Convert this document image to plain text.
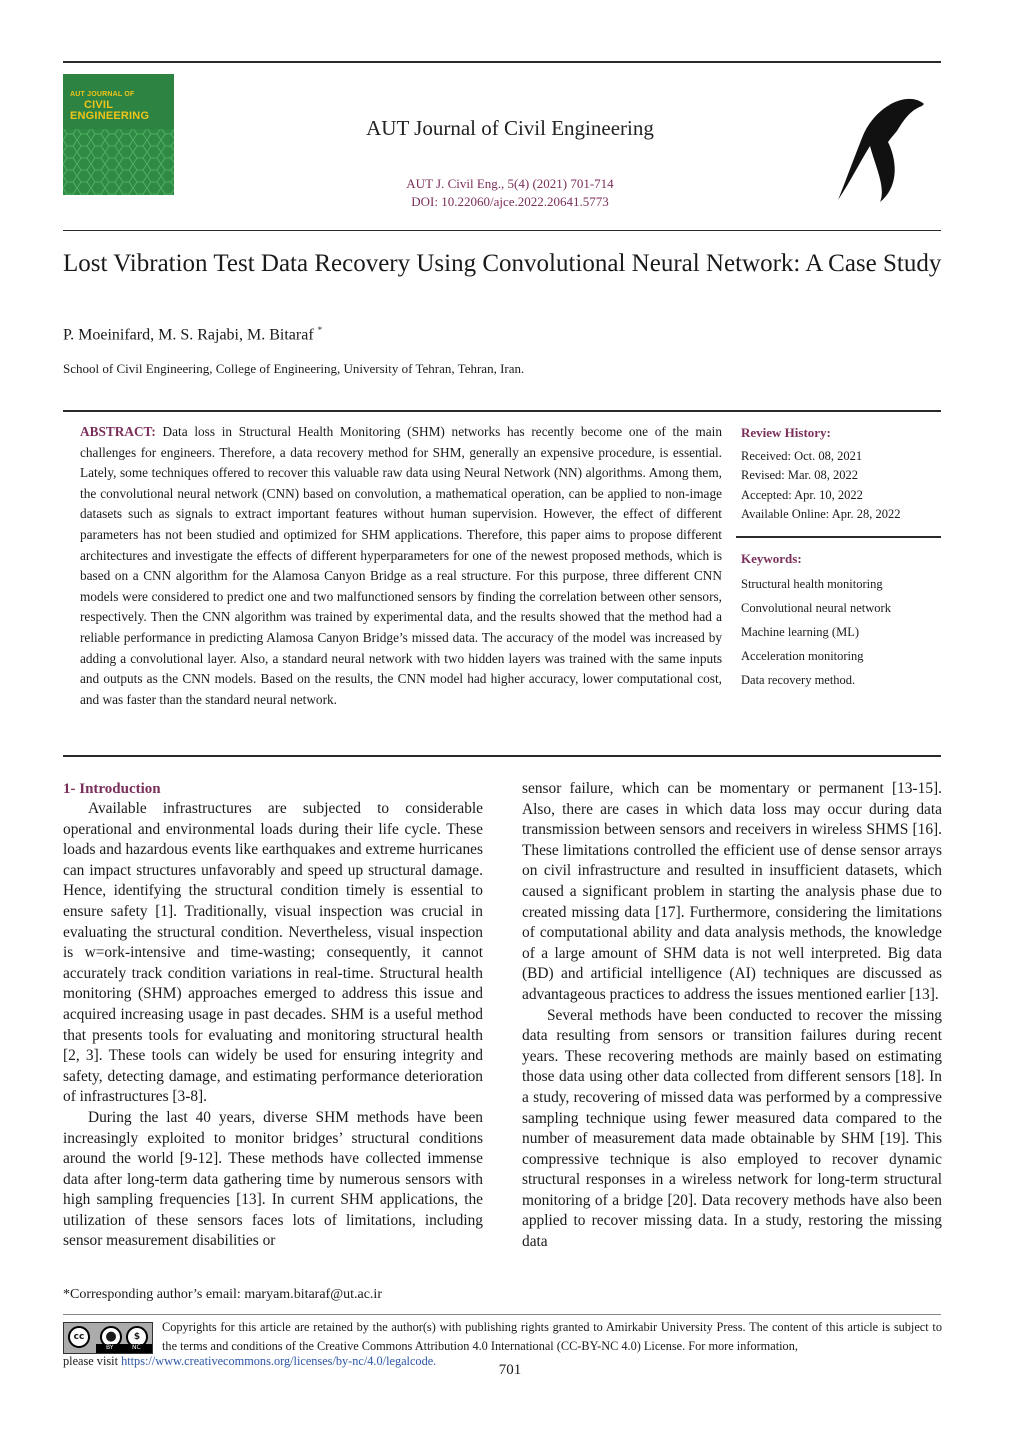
AUT JOURNAL OF
CIVIL
ENGINEERING	AUT Journal of Civil Engineering
AUT J. Civil Eng., 5(4) (2021) 701-714
DOI: 10.22060/ajce.2022.20641.5773
Lost Vibration Test Data Recovery Using Convolutional Neural Network: A Case Study
P. Moeinifard, M. S. Rajabi, M. Bitaraf *
School of Civil Engineering, College of Engineering, University of Tehran, Tehran, Iran.
ABSTRACT: Data loss in Structural Health Monitoring (SHM) networks has recently become one of the main challenges for engineers. Therefore, a data recovery method for SHM, generally an expensive procedure, is essential. Lately, some techniques offered to recover this valuable raw data using Neural Network (NN) algorithms. Among them, the convolutional neural network (CNN) based on convolution, a mathematical operation, can be applied to non-image datasets such as signals to extract important features without human supervision. However, the effect of different parameters has not been studied and optimized for SHM applications. Therefore, this paper aims to propose different architectures and investigate the effects of different hyperparameters for one of the newest proposed methods, which is based on a CNN algorithm for the Alamosa Canyon Bridge as a real structure. For this purpose, three different CNN models were considered to predict one and two malfunctioned sensors by finding the correlation between other sensors, respectively. Then the CNN algorithm was trained by experimental data, and the results showed that the method had a reliable performance in predicting Alamosa Canyon Bridge’s missed data. The accuracy of the model was increased by adding a convolutional layer. Also, a standard neural network with two hidden layers was trained with the same inputs and outputs as the CNN models. Based on the results, the CNN model had higher accuracy, lower computational cost, and was faster than the standard neural network.
Review History:
Received: Oct. 08, 2021
Revised: Mar. 08, 2022
Accepted: Apr. 10, 2022
Available Online: Apr. 28, 2022
Keywords:
Structural health monitoring
Convolutional neural network
Machine learning (ML)
Acceleration monitoring
Data recovery method.
1- Introduction

Available infrastructures are subjected to considerable operational and environmental loads during their life cycle. These loads and hazardous events like earthquakes and extreme hurricanes can impact structures unfavorably and speed up structural damage. Hence, identifying the structural condition timely is essential to ensure safety [1]. Traditionally, visual inspection was crucial in evaluating the structural condition. Nevertheless, visual inspection is w=ork-intensive and time-wasting; consequently, it cannot accurately track condition variations in real-time. Structural health monitoring (SHM) approaches emerged to address this issue and acquired increasing usage in past decades. SHM is a useful method that presents tools for evaluating and monitoring structural health [2, 3]. These tools can widely be used for ensuring integrity and safety, detecting damage, and estimating performance deterioration of infrastructures [3-8].

During the last 40 years, diverse SHM methods have been increasingly exploited to monitor bridges’ structural conditions around the world [9-12]. These methods have collected immense data after long-term data gathering time by numerous sensors with high sampling frequencies [13]. In current SHM applications, the utilization of these sensors faces lots of limitations, including sensor measurement disabilities or

sensor failure, which can be momentary or permanent [13-15]. Also, there are cases in which data loss may occur during data transmission between sensors and receivers in wireless SHMS [16]. These limitations controlled the efficient use of dense sensor arrays on civil infrastructure and resulted in insufficient datasets, which caused a significant problem in starting the analysis phase due to created missing data [17]. Furthermore, considering the limitations of computational ability and data analysis methods, the knowledge of a large amount of SHM data is not well interpreted. Big data (BD) and artificial intelligence (AI) techniques are discussed as advantageous practices to address the issues mentioned earlier [13].

Several methods have been conducted to recover the missing data resulting from sensors or transition failures during recent years. These recovering methods are mainly based on estimating those data using other data collected from different sensors [18]. In a study, recovering of missed data was performed by a compressive sampling technique using fewer measured data compared to the number of measurement data made obtainable by SHM [19]. This compressive technique is also employed to recover dynamic structural responses in a wireless network for long-term structural monitoring of a bridge [20]. Data recovery methods have also been applied to recover missing data. In a study, restoring the missing data

*Corresponding author’s email: maryam.bitaraf@ut.ac.ir
cc	●	$
BY	NC
Copyrights for this article are retained by the author(s) with publishing rights granted to Amirkabir University Press. The content of this article is subject to the terms and conditions of the Creative Commons Attribution 4.0 International (CC-BY-NC 4.0) License. For more information,
please visit https://www.creativecommons.org/licenses/by-nc/4.0/legalcode.
701
